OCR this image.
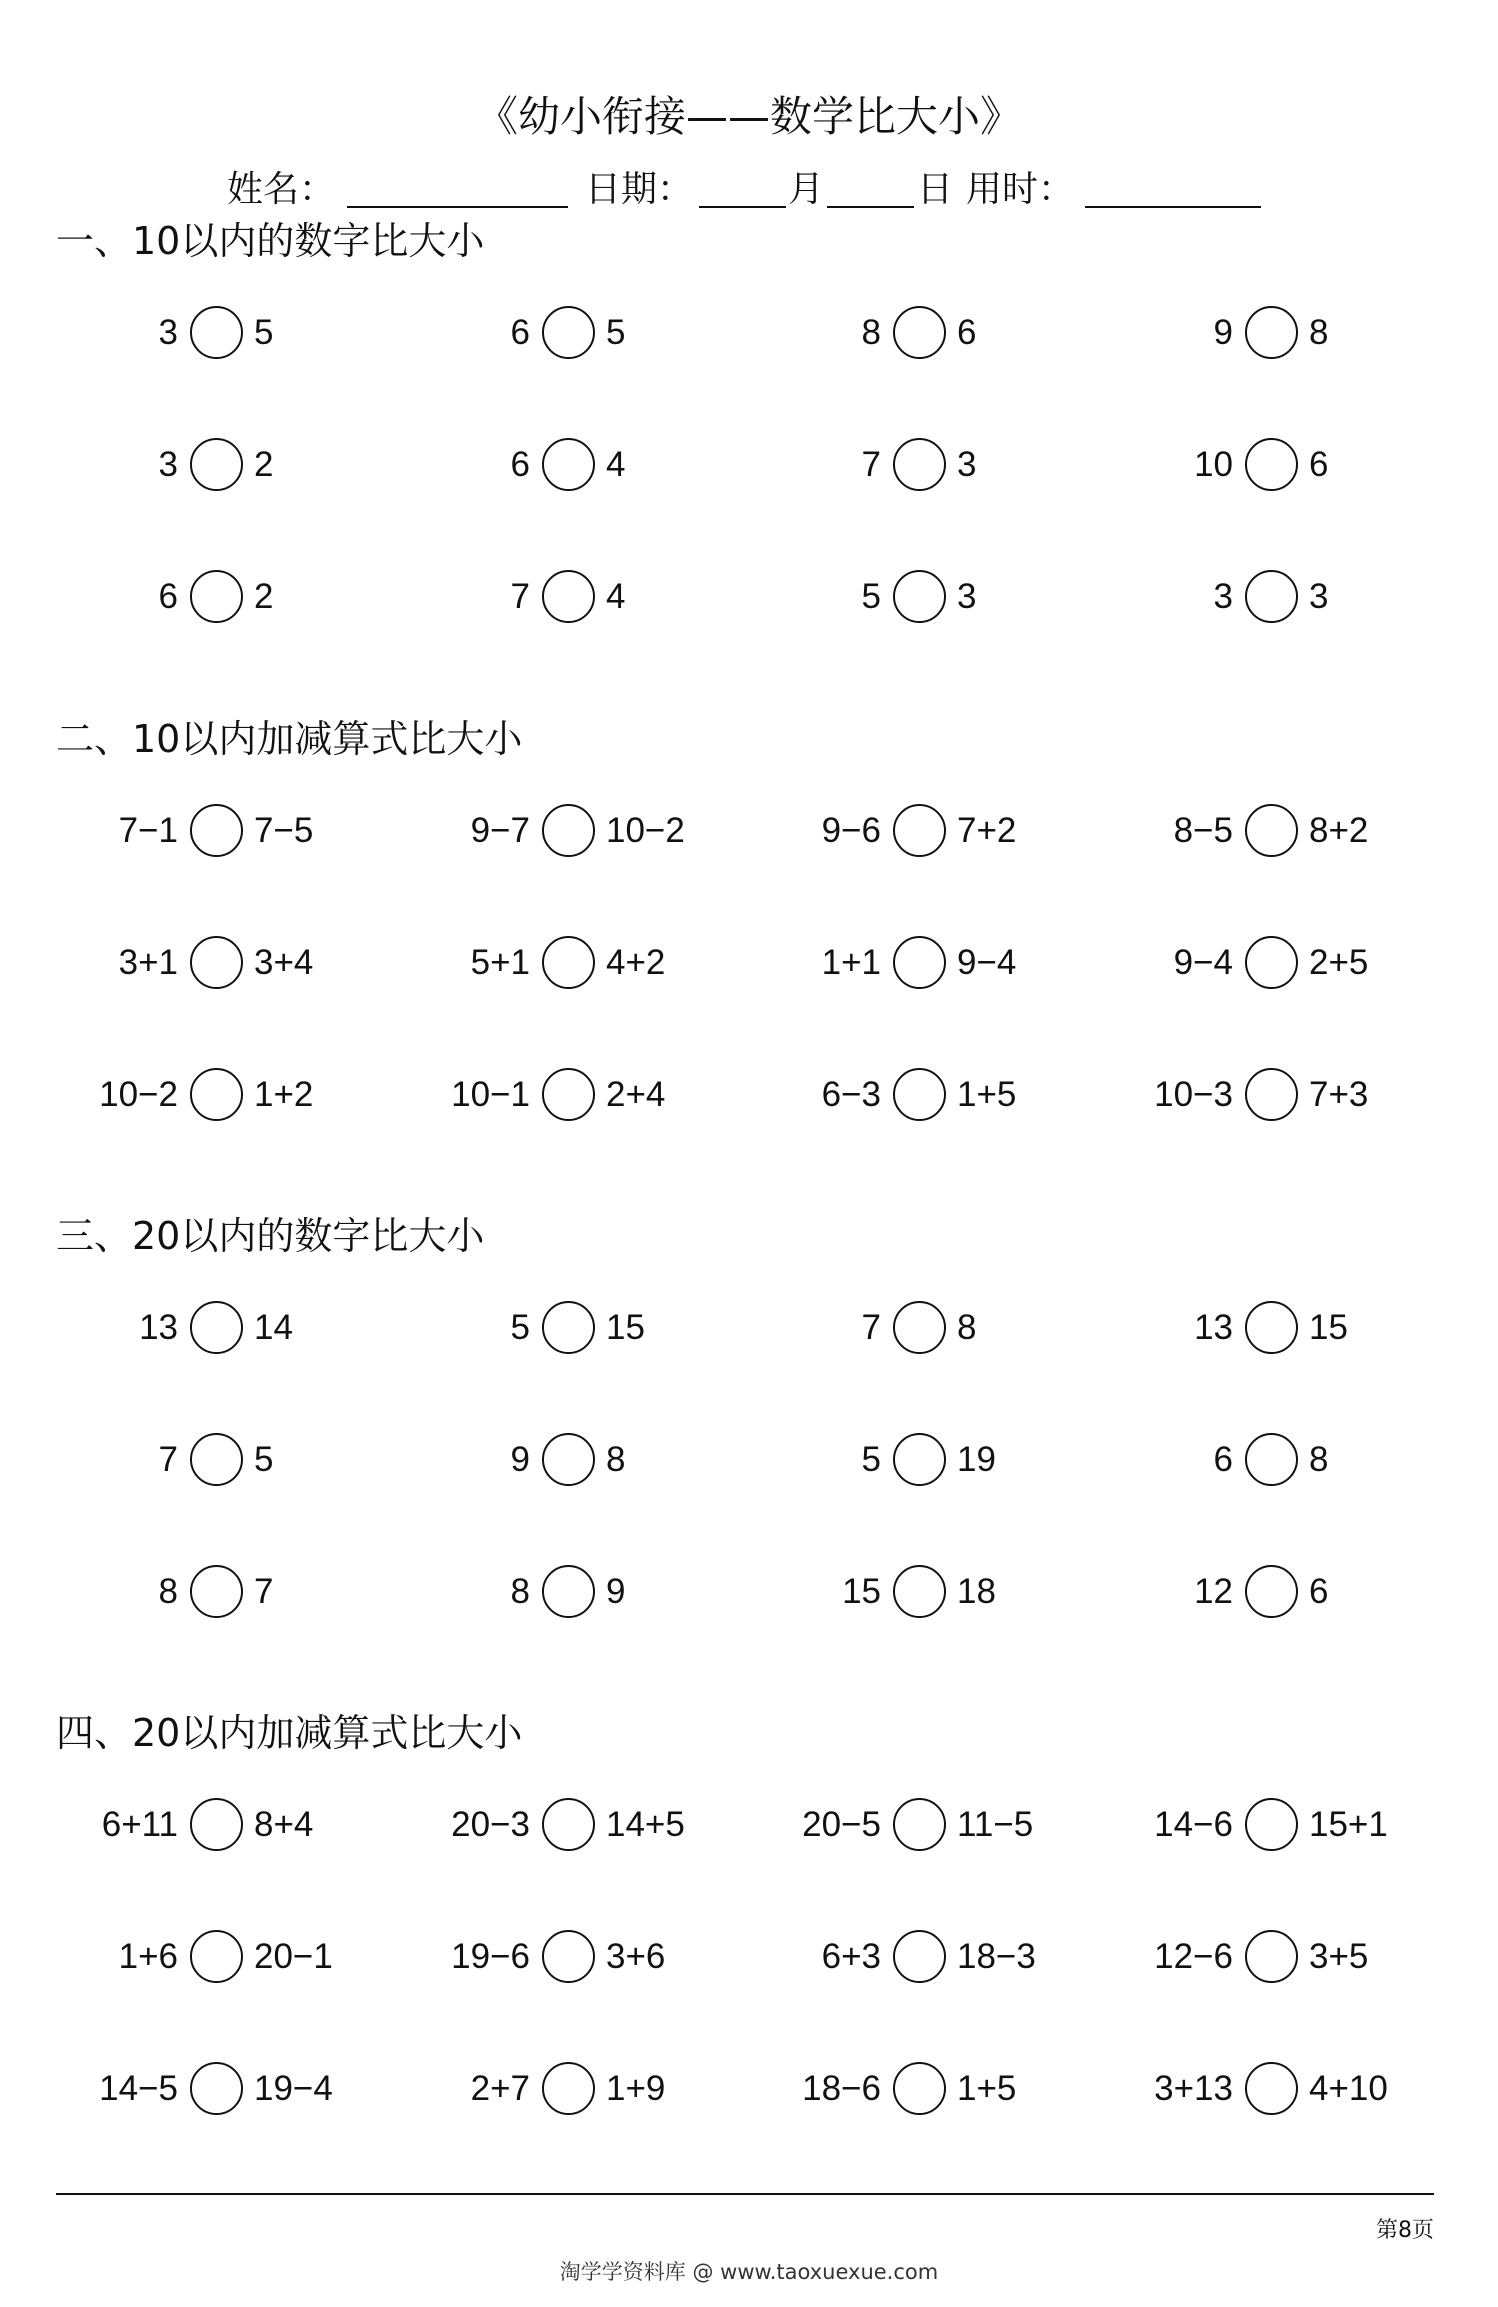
《幼小衔接——数学比大小》
姓名：	日期：	月	日 用时：
一、10以内的数字比大小
3 5	6 5	8 6	9 8
3 2	6 4	7 3	10 6
6 2	7 4	5 3	3 3
二、10以内加减算式比大小
7−1 7−5	9−7 10−2	9−6 7+2	8−5 8+2
3+1 3+4	5+1 4+2	1+1 9−4	9−4 2+5
10−2 1+2	10−1 2+4	6−3 1+5	10−3 7+3
三、20以内的数字比大小
13 14	5 15	7 8	13 15
7 5	9 8	5 19	6 8
8 7	8 9	15 18	12 6
四、20以内加减算式比大小
6+11 8+4	20−3 14+5	20−5 11−5	14−6 15+1
1+6 20−1	19−6 3+6	6+3 18−3	12−6 3+5
14−5 19−4	2+7 1+9	18−6 1+5	3+13 4+10
第8页
淘学学资料库 @ www.taoxuexue.com
